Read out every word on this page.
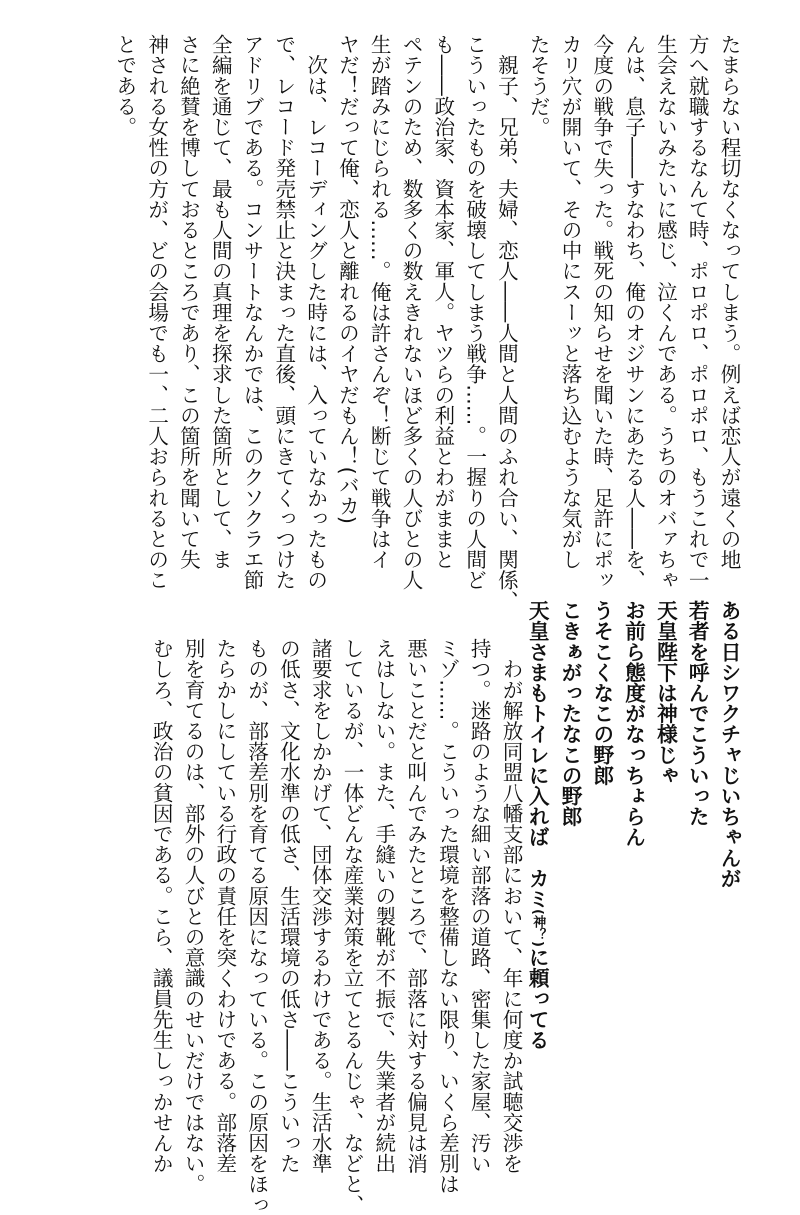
たまらない程切なくなってしまう。例えば恋人が遠くの地
方へ就職するなんて時、ポロポロ、ポロポロ、もうこれで一
生会えないみたいに感じ、泣くんである。うちのオバァちゃ
んは、息子――すなわち、俺のオジサンにあたる人――を、
今度の戦争で失った。戦死の知らせを聞いた時、足許にポッ
カリ穴が開いて、その中にスーッと落ち込むような気がし
たそうだ。
　親子、兄弟、夫婦、恋人――人間と人間のふれ合い、関係、
こういったものを破壊してしまう戦争……。一握りの人間ど
も――政治家、資本家、軍人。ヤツらの利益とわがままと
ペテンのため、数多くの数えきれないほど多くの人びとの人
生が踏みにじられる……。俺は許さんぞ！断じて戦争はイ
ヤだ！だって俺、恋人と離れるのイヤだもん！(バカ)
　次は、レコーディングした時には、入っていなかったもの
で、レコード発売禁止と決まった直後、頭にきてくっつけた
アドリブである。コンサートなんかでは、このクソクラエ節
全編を通じて、最も人間の真理を探求した箇所として、ま
さに絶賛を博しておるところであり、この箇所を聞いて失
神される女性の方が、どの会場でも一、二人おられるとのこ
とである。
ある日シワクチャじいちゃんが
若者を呼んでこういった
天皇陛下は神様じゃ
お前ら態度がなっちょらん
うそこくなこの野郎
こきぁがったなこの野郎
天皇さまもトイレに入れば　カミ(神？)に頼ってる
　わが解放同盟八幡支部において、年に何度か試聴交渉を
持つ。迷路のような細い部落の道路、密集した家屋、汚い
ミゾ……。こういった環境を整備しない限り、いくら差別は
悪いことだと叫んでみたところで、部落に対する偏見は消
えはしない。また、手縫いの製靴が不振で、失業者が続出
しているが、一体どんな産業対策を立てとるんじゃ、などと、
諸要求をしかかげて、団体交渉するわけである。生活水準
の低さ、文化水準の低さ、生活環境の低さ――こういった
ものが、部落差別を育てる原因になっている。この原因をほっ
たらかしにしている行政の責任を突くわけである。部落差
別を育てるのは、部外の人びとの意識のせいだけではない。
むしろ、政治の貧因である。こら、議員先生しっかせんか
